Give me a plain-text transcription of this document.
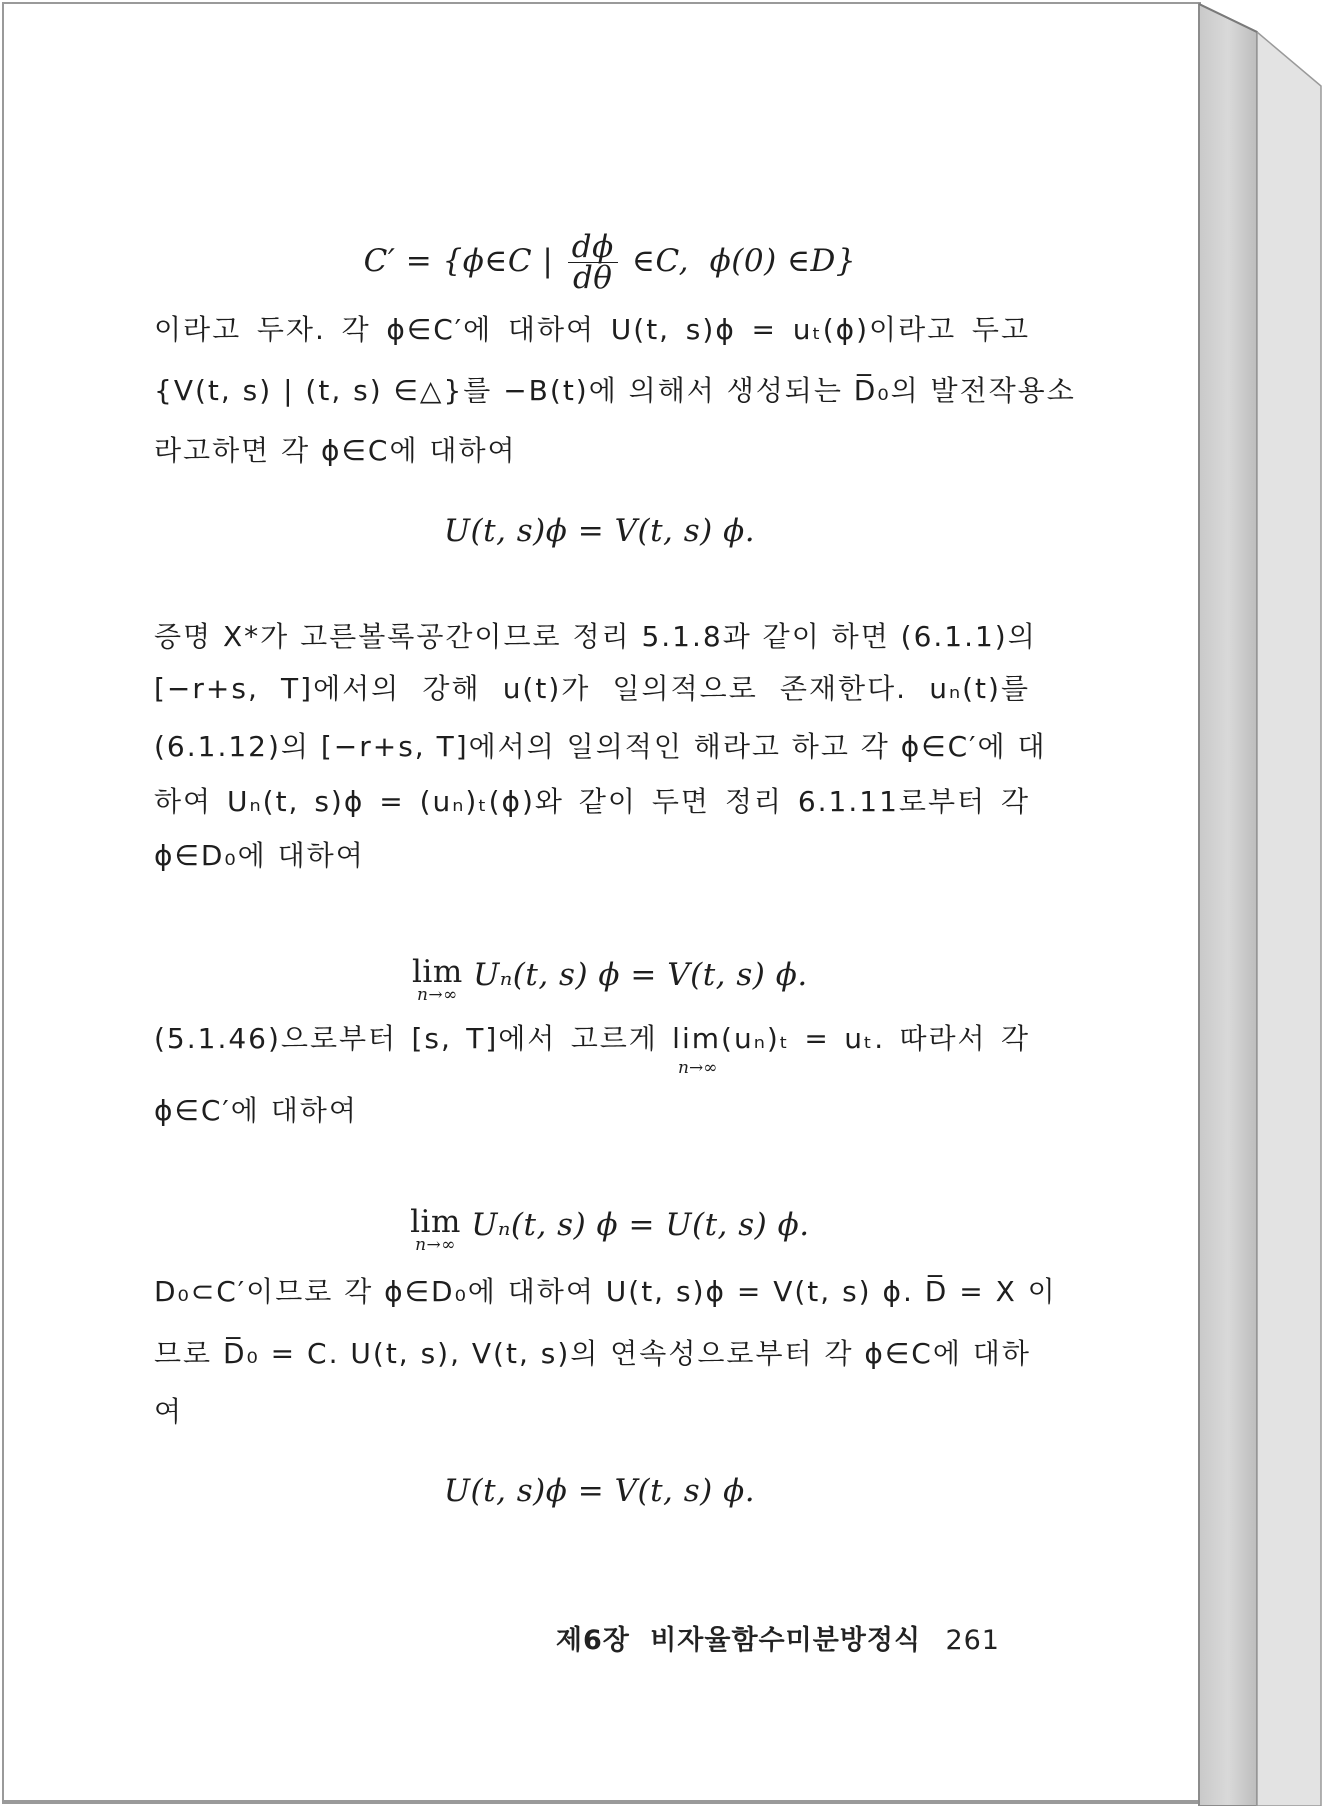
C′ = {ϕ∈C | $\frac{d\phi}{d\theta}$ ∈C,  ϕ(0) ∈D}

이라고 두자. 각 ϕ∈C′에 대하여 U(t, s)ϕ = uₜ(ϕ)이라고 두고
{V(t, s) | (t, s) ∈△}를 −B(t)에 의해서 생성되는 D̅₀의 발전작용소
라고하면 각 ϕ∈C에 대하여
U(t, s)ϕ = V(t, s) ϕ.
증명 X*가 고른볼록공간이므로 정리 5.1.8과 같이 하면 (6.1.1)의
[−r+s, T]에서의 강해 u(t)가 일의적으로 존재한다. uₙ(t)를
(6.1.12)의 [−r+s, T]에서의 일의적인 해라고 하고 각 ϕ∈C′에 대
하여 Uₙ(t, s)ϕ = (uₙ)ₜ(ϕ)와 같이 두면 정리 6.1.11로부터 각
ϕ∈D₀에 대하여

lim
n→∞
Uₙ(t, s) ϕ = V(t, s) ϕ.

(5.1.46)으로부터 [s, T]에서 고르게 lim(uₙ)ₜ = uₜ. 따라서 각
n→∞
ϕ∈C′에 대하여

lim
n→∞
Uₙ(t, s) ϕ = U(t, s) ϕ.

D₀⊂C′이므로 각 ϕ∈D₀에 대하여 U(t, s)ϕ = V(t, s) ϕ. D̅ = X 이
므로 D̅₀ = C. U(t, s), V(t, s)의 연속성으로부터 각 ϕ∈C에 대하
여
U(t, s)ϕ = V(t, s) ϕ.
제6장 비자율함수미분방정식 261
